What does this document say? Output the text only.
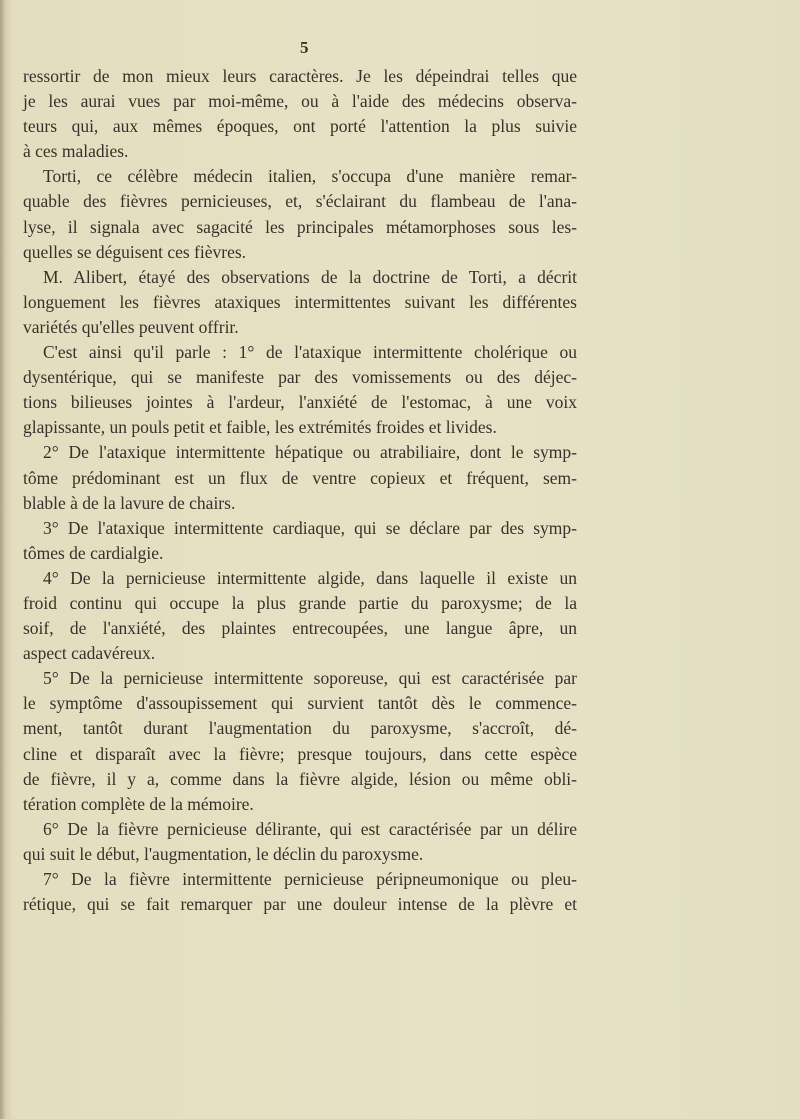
5
ressortir de mon mieux leurs caractères. Je les dépeindrai telles que
je les aurai vues par moi-même, ou à l'aide des médecins observa-
teurs qui, aux mêmes époques, ont porté l'attention la plus suivie
à ces maladies.
Torti, ce célèbre médecin italien, s'occupa d'une manière remar-
quable des fièvres pernicieuses, et, s'éclairant du flambeau de l'ana-
lyse, il signala avec sagacité les principales métamorphoses sous les-
quelles se déguisent ces fièvres.
M. Alibert, étayé des observations de la doctrine de Torti, a décrit
longuement les fièvres ataxiques intermittentes suivant les différentes
variétés qu'elles peuvent offrir.
C'est ainsi qu'il parle : 1° de l'ataxique intermittente cholérique ou
dysentérique, qui se manifeste par des vomissements ou des déjec-
tions bilieuses jointes à l'ardeur, l'anxiété de l'estomac, à une voix
glapissante, un pouls petit et faible, les extrémités froides et livides.
2° De l'ataxique intermittente hépatique ou atrabiliaire, dont le symp-
tôme prédominant est un flux de ventre copieux et fréquent, sem-
blable à de la lavure de chairs.
3° De l'ataxique intermittente cardiaque, qui se déclare par des symp-
tômes de cardialgie.
4° De la pernicieuse intermittente algide, dans laquelle il existe un
froid continu qui occupe la plus grande partie du paroxysme; de la
soif, de l'anxiété, des plaintes entrecoupées, une langue âpre, un
aspect cadavéreux.
5° De la pernicieuse intermittente soporeuse, qui est caractérisée par
le symptôme d'assoupissement qui survient tantôt dès le commence-
ment, tantôt durant l'augmentation du paroxysme, s'accroît, dé-
cline et disparaît avec la fièvre; presque toujours, dans cette espèce
de fièvre, il y a, comme dans la fièvre algide, lésion ou même obli-
tération complète de la mémoire.
6° De la fièvre pernicieuse délirante, qui est caractérisée par un délire
qui suit le début, l'augmentation, le déclin du paroxysme.
7° De la fièvre intermittente pernicieuse péripneumonique ou pleu-
rétique, qui se fait remarquer par une douleur intense de la plèvre et
